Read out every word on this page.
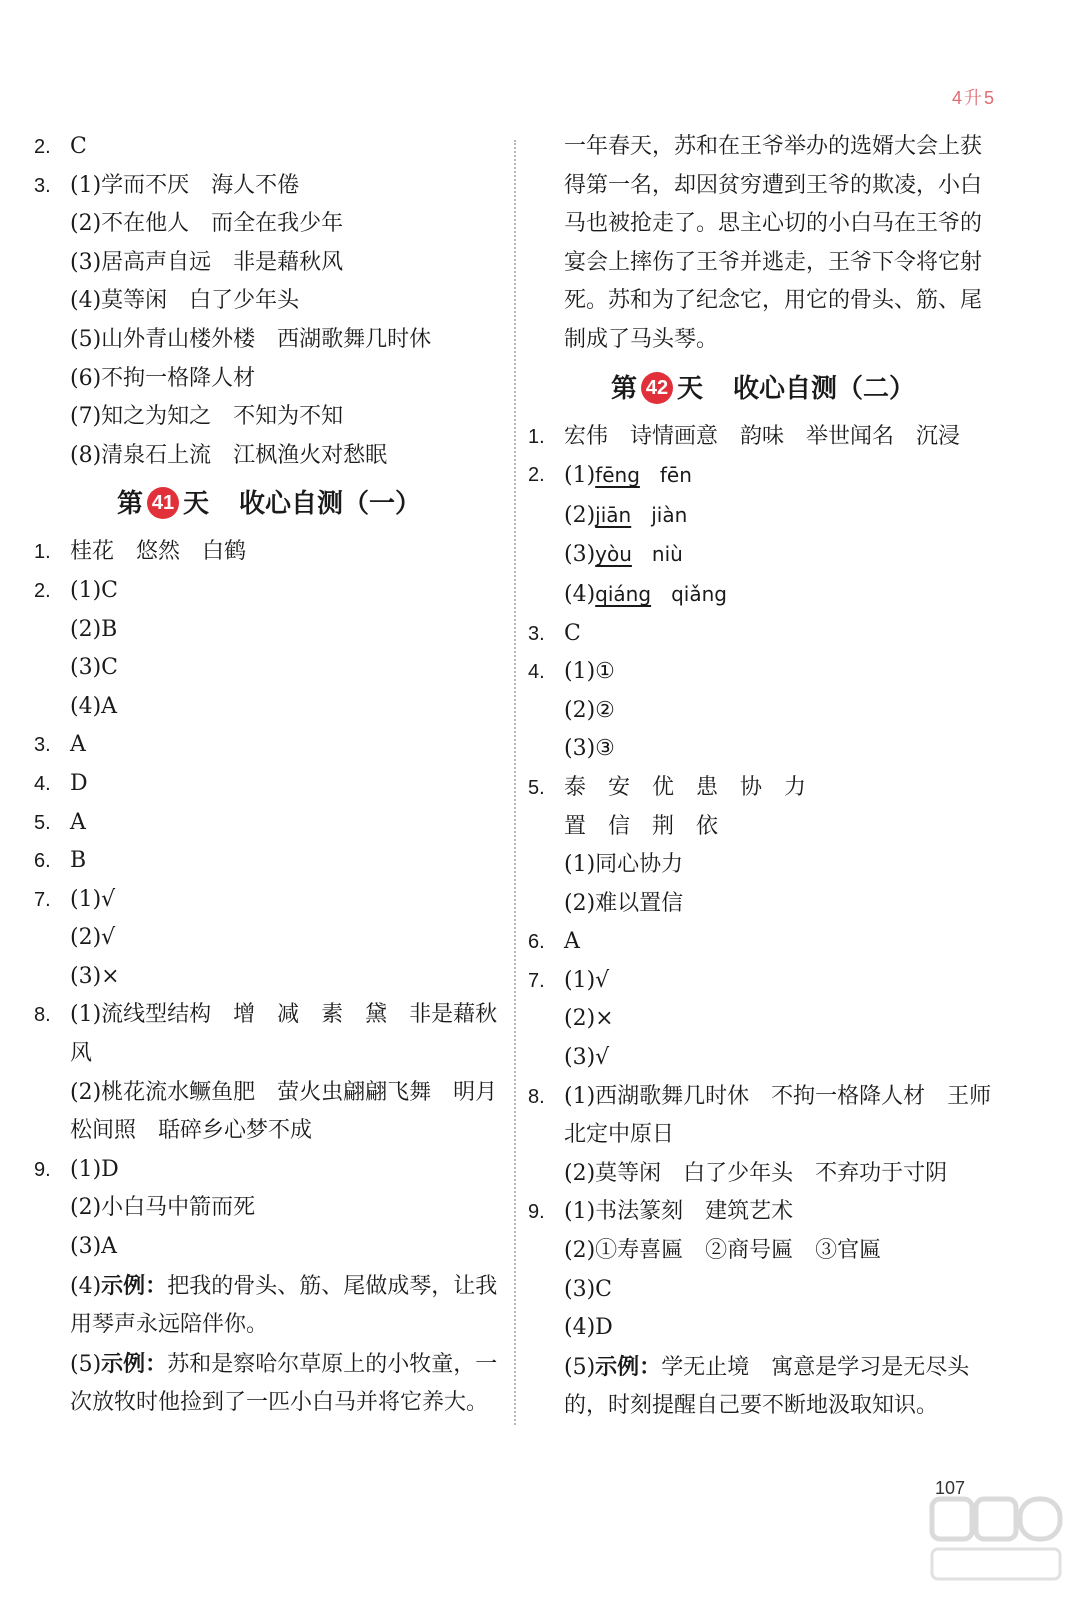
4升5
2. C
3. (1)学而不厌　海人不倦
(2)不在他人　而全在我少年
(3)居高声自远　非是藉秋风
(4)莫等闲　白了少年头
(5)山外青山楼外楼　西湖歌舞几时休
(6)不拘一格降人材
(7)知之为知之　不知为不知
(8)清泉石上流　江枫渔火对愁眠
第 41 天 收心自测（一）
1. 桂花　悠然　白鹤
2. (1)C
(2)B
(3)C
(4)A
3. A
4. D
5. A
6. B
7. (1)√
(2)√
(3)×
8. (1)流线型结构　增　减　素　黛　非是藉秋风
(2)桃花流水鳜鱼肥　萤火虫翩翩飞舞　明月松间照　聒碎乡心梦不成
9. (1)D
(2)小白马中箭而死
(3)A
(4)示例：把我的骨头、筋、尾做成琴，让我用琴声永远陪伴你。
(5)示例：苏和是察哈尔草原上的小牧童，一次放牧时他捡到了一匹小白马并将它养大。
一年春天，苏和在王爷举办的选婿大会上获得第一名，却因贫穷遭到王爷的欺凌，小白马也被抢走了。思主心切的小白马在王爷的宴会上摔伤了王爷并逃走，王爷下令将它射死。苏和为了纪念它，用它的骨头、筋、尾制成了马头琴。
第 42 天 收心自测（二）
1. 宏伟　诗情画意　韵味　举世闻名　沉浸
2. (1)fēng　 fēn
(2)jiān　 jiàn
(3)yòu　 niù
(4)qiáng　 qiǎng
3. C
4. (1)①
(2)②
(3)③
5. 泰　安　优　患　协　力
置　信　荆　依
(1)同心协力
(2)难以置信
6. A
7. (1)√
(2)×
(3)√
8. (1)西湖歌舞几时休　不拘一格降人材　王师北定中原日
(2)莫等闲　白了少年头　不弃功于寸阴
9. (1)书法篆刻　建筑艺术
(2)①寿喜匾　②商号匾　③官匾
(3)C
(4)D
(5)示例：学无止境　寓意是学习是无尽头的，时刻提醒自己要不断地汲取知识。
107
